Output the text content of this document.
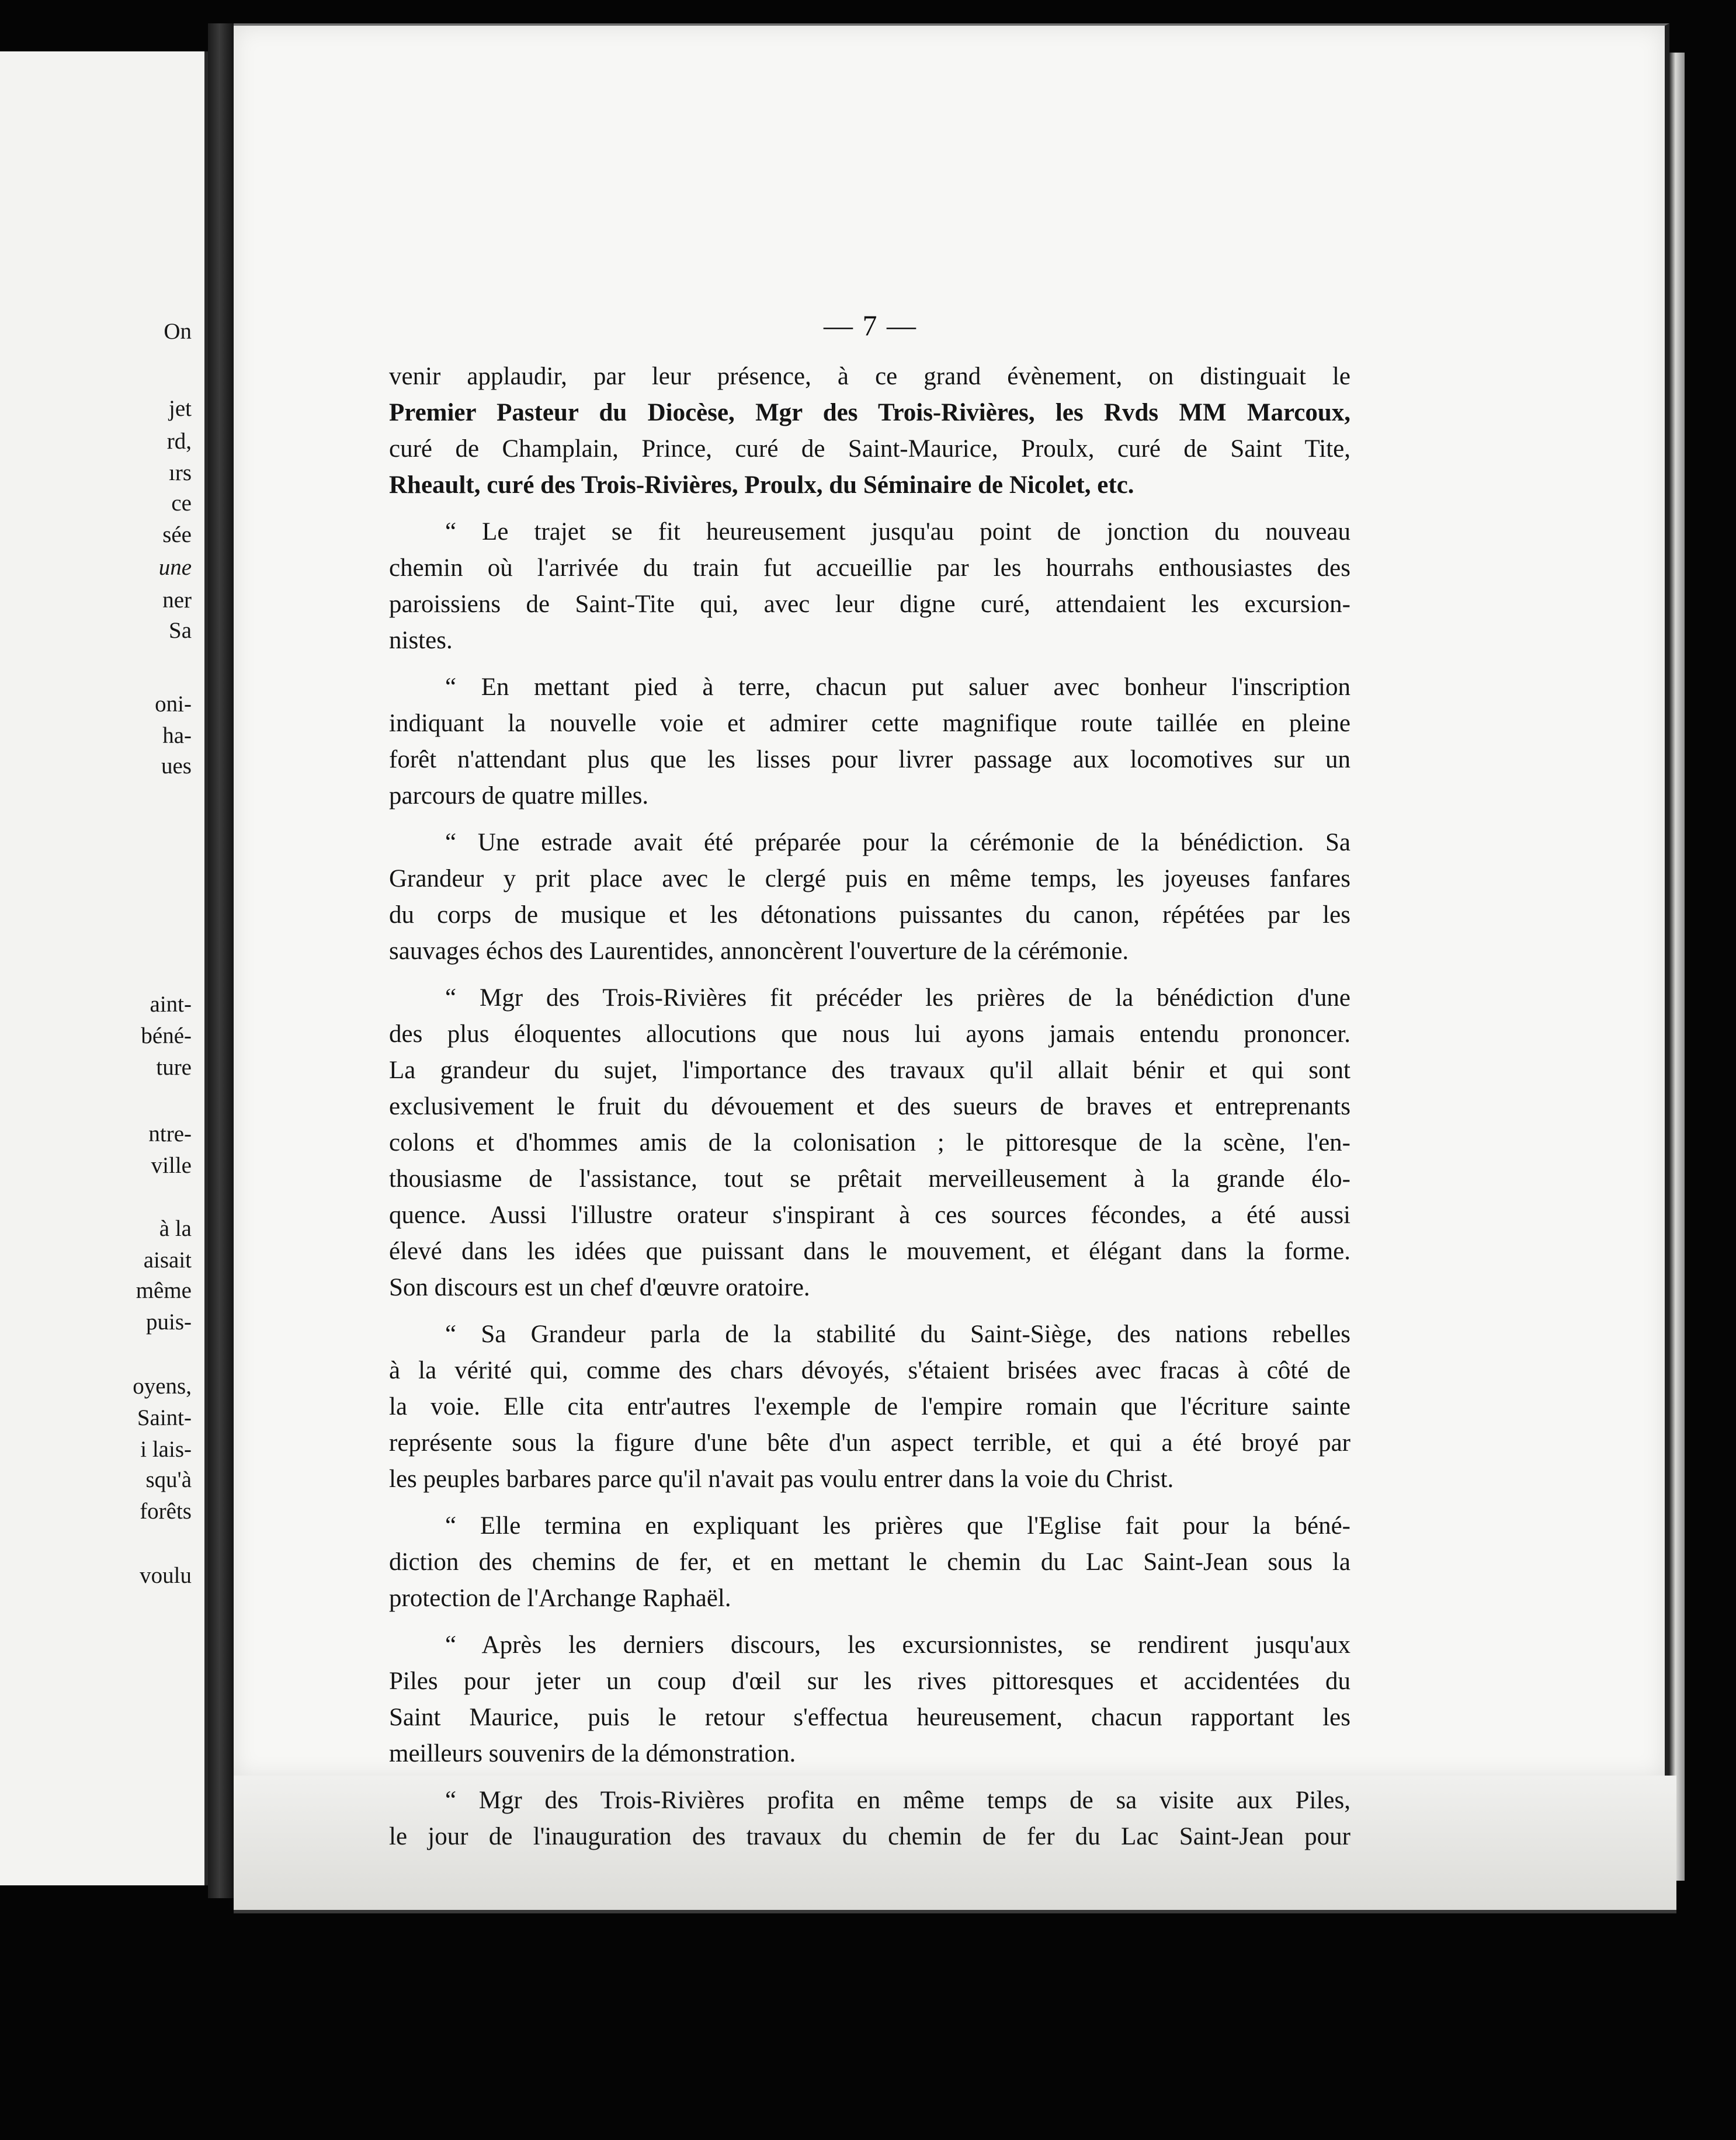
On
jet
rd,
ırs
ce
sée
une
ner
Sa
oni-
ha-
ues
aint-
béné-
ture
ntre-
ville
à la
aisait
même
puis-
oyens,
Saint-
i lais-
squ'à
forêts
voulu
— 7 —
venir applaudir, par leur présence, à ce grand évènement, on distinguait le
Premier Pasteur du Diocèse, Mgr des Trois-Rivières, les Rvds MM Marcoux,
curé de Champlain, Prince, curé de Saint-Maurice, Proulx, curé de Saint Tite,
Rheault, curé des Trois-Rivières, Proulx, du Séminaire de Nicolet, etc.
“ Le trajet se fit heureusement jusqu'au point de jonction du nouveau
chemin où l'arrivée du train fut accueillie par les hourrahs enthousiastes des
paroissiens de Saint-Tite qui, avec leur digne curé, attendaient les excursion-
nistes.
“ En mettant pied à terre, chacun put saluer avec bonheur l'inscription
indiquant la nouvelle voie et admirer cette magnifique route taillée en pleine
forêt n'attendant plus que les lisses pour livrer passage aux locomotives sur un
parcours de quatre milles.
“ Une estrade avait été préparée pour la cérémonie de la bénédiction. Sa
Grandeur y prit place avec le clergé puis en même temps, les joyeuses fanfares
du corps de musique et les détonations puissantes du canon, répétées par les
sauvages échos des Laurentides, annoncèrent l'ouverture de la cérémonie.
“ Mgr des Trois-Rivières fit précéder les prières de la bénédiction d'une
des plus éloquentes allocutions que nous lui ayons jamais entendu prononcer.
La grandeur du sujet, l'importance des travaux qu'il allait bénir et qui sont
exclusivement le fruit du dévouement et des sueurs de braves et entreprenants
colons et d'hommes amis de la colonisation ; le pittoresque de la scène, l'en-
thousiasme de l'assistance, tout se prêtait merveilleusement à la grande élo-
quence. Aussi l'illustre orateur s'inspirant à ces sources fécondes, a été aussi
élevé dans les idées que puissant dans le mouvement, et élégant dans la forme.
Son discours est un chef d'œuvre oratoire.
“ Sa Grandeur parla de la stabilité du Saint-Siège, des nations rebelles
à la vérité qui, comme des chars dévoyés, s'étaient brisées avec fracas à côté de
la voie. Elle cita entr'autres l'exemple de l'empire romain que l'écriture sainte
représente sous la figure d'une bête d'un aspect terrible, et qui a été broyé par
les peuples barbares parce qu'il n'avait pas voulu entrer dans la voie du Christ.
“ Elle termina en expliquant les prières que l'Eglise fait pour la béné-
diction des chemins de fer, et en mettant le chemin du Lac Saint-Jean sous la
protection de l'Archange Raphaël.
“ Après les derniers discours, les excursionnistes, se rendirent jusqu'aux
Piles pour jeter un coup d'œil sur les rives pittoresques et accidentées du
Saint Maurice, puis le retour s'effectua heureusement, chacun rapportant les
meilleurs souvenirs de la démonstration.
“ Mgr des Trois-Rivières profita en même temps de sa visite aux Piles,
le jour de l'inauguration des travaux du chemin de fer du Lac Saint-Jean pour
